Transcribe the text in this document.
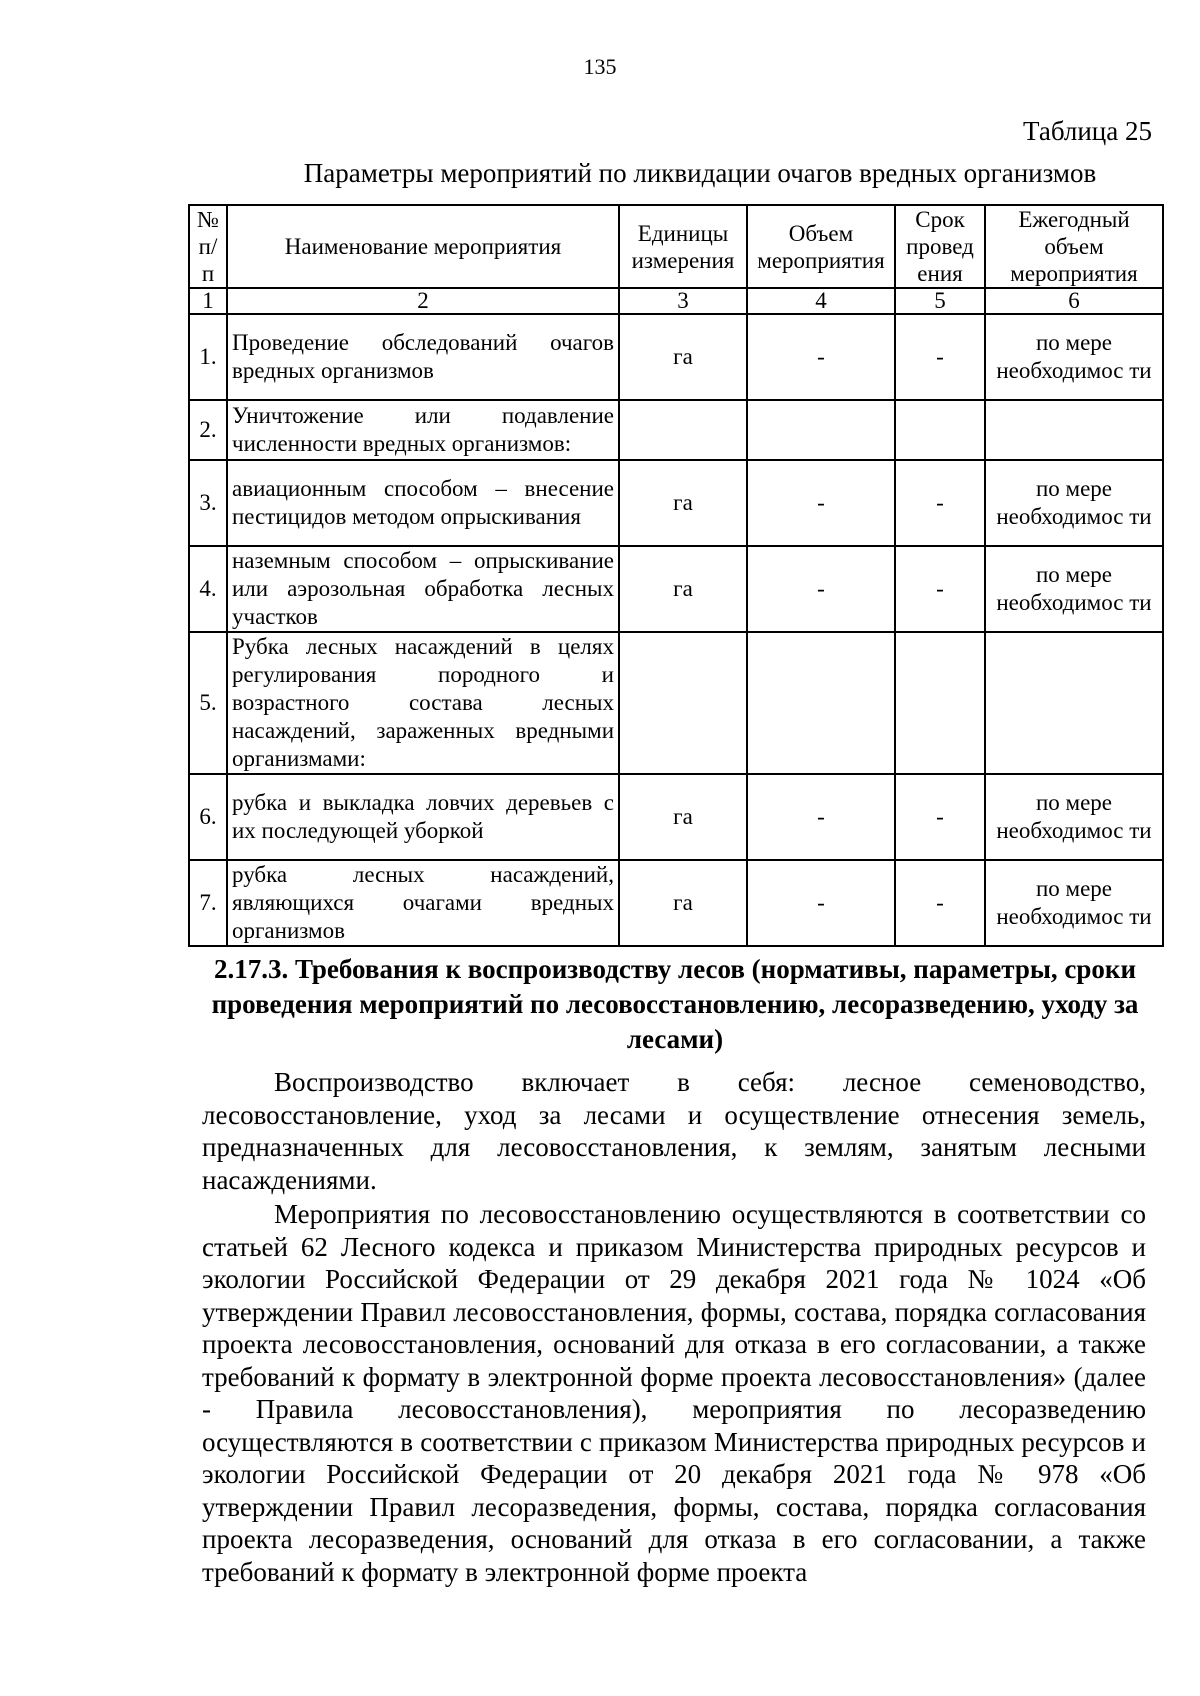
135
Таблица 25
Параметры мероприятий по ликвидации очагов вредных организмов
№ п/п	Наименование мероприятия	Единицы измерения	Объем мероприятия	Срок провед ения	Ежегодный объем мероприятия
1	2	3	4	5	6
1.	Проведение обследований очагов вредных организмов	га	-	-	по мере необходимос ти
2.	Уничтожение или подавление численности вредных организмов:				
3.	авиационным способом – внесение пестицидов методом опрыскивания	га	-	-	по мере необходимос ти
4.	наземным способом – опрыскивание или аэрозольная обработка лесных участков	га	-	-	по мере необходимос ти
5.	Рубка лесных насаждений в целях регулирования породного и возрастного состава лесных насаждений, зараженных вредными организмами:				
6.	рубка и выкладка ловчих деревьев с их последующей уборкой	га	-	-	по мере необходимос ти
7.	рубка лесных насаждений, являющихся очагами вредных организмов	га	-	-	по мере необходимос ти
2.17.3. Требования к воспроизводству лесов (нормативы, параметры, сроки проведения мероприятий по лесовосстановлению, лесоразведению, уходу за лесами)

Воспроизводство включает в себя: лесное семеноводство, лесовосстановление, уход за лесами и осуществление отнесения земель, предназначенных для лесовосстановления, к землям, занятым лесными насаждениями.

Мероприятия по лесовосстановлению осуществляются в соответствии со статьей 62 Лесного кодекса и приказом Министерства природных ресурсов и экологии Российской Федерации от 29 декабря 2021 года № 1024 «Об утверждении Правил лесовосстановления, формы, состава, порядка согласования проекта лесовосстановления, оснований для отказа в его согласовании, а также требований к формату в электронной форме проекта лесовосстановления» (далее - Правила лесовосстановления), мероприятия по лесоразведению осуществляются в соответствии с приказом Министерства природных ресурсов и экологии Российской Федерации от 20 декабря 2021 года № 978 «Об утверждении Правил лесоразведения, формы, состава, порядка согласования проекта лесоразведения, оснований для отказа в его согласовании, а также требований к формату в электронной форме проекта
